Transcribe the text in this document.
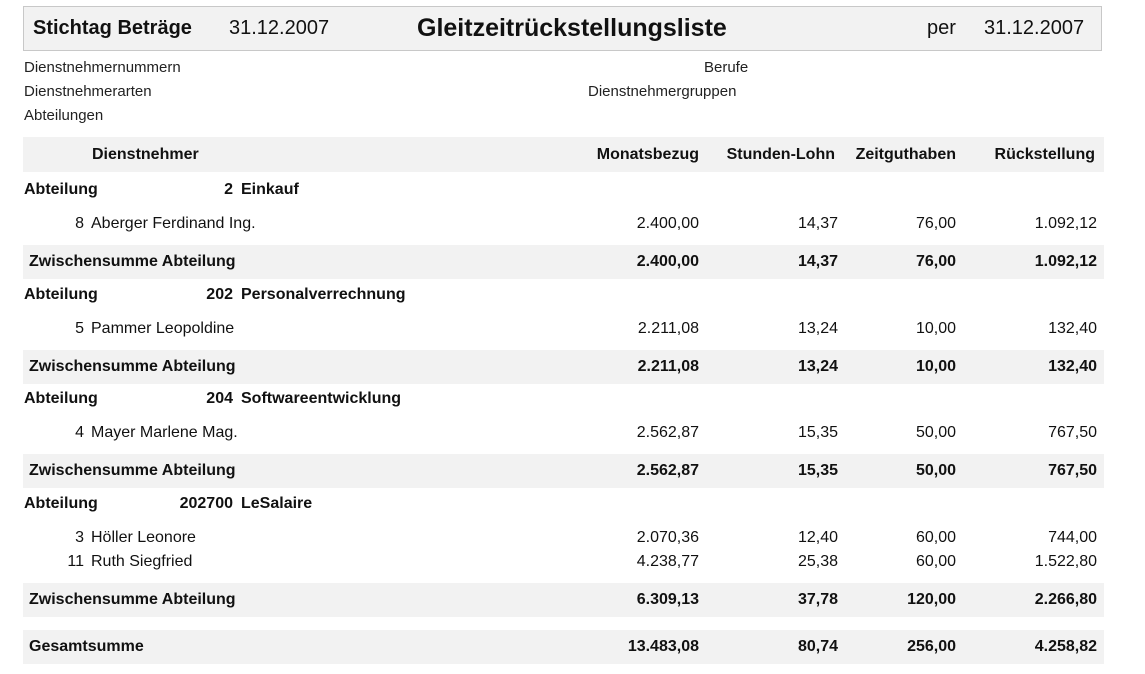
Stichtag Beträge 31.12.2007	Gleitzeitrückstellungsliste	per 31.12.2007
Dienstnehmernummern	Berufe
Dienstnehmerarten	Dienstnehmergruppen
Abteilungen
Dienstnehmer	Monatsbezug	Stunden-Lohn	Zeitguthaben	Rückstellung
Abteilung	2 Einkauf
8 Aberger Ferdinand Ing.	2.400,00	14,37	76,00	1.092,12
Zwischensumme Abteilung	2.400,00	14,37	76,00	1.092,12
Abteilung	202 Personalverrechnung
5 Pammer Leopoldine	2.211,08	13,24	10,00	132,40
Zwischensumme Abteilung	2.211,08	13,24	10,00	132,40
Abteilung	204 Softwareentwicklung
4 Mayer Marlene Mag.	2.562,87	15,35	50,00	767,50
Zwischensumme Abteilung	2.562,87	15,35	50,00	767,50
Abteilung	202700 LeSalaire
3 Höller Leonore	2.070,36	12,40	60,00	744,00
11 Ruth Siegfried	4.238,77	25,38	60,00	1.522,80
Zwischensumme Abteilung	6.309,13	37,78	120,00	2.266,80
Gesamtsumme	13.483,08	80,74	256,00	4.258,82
